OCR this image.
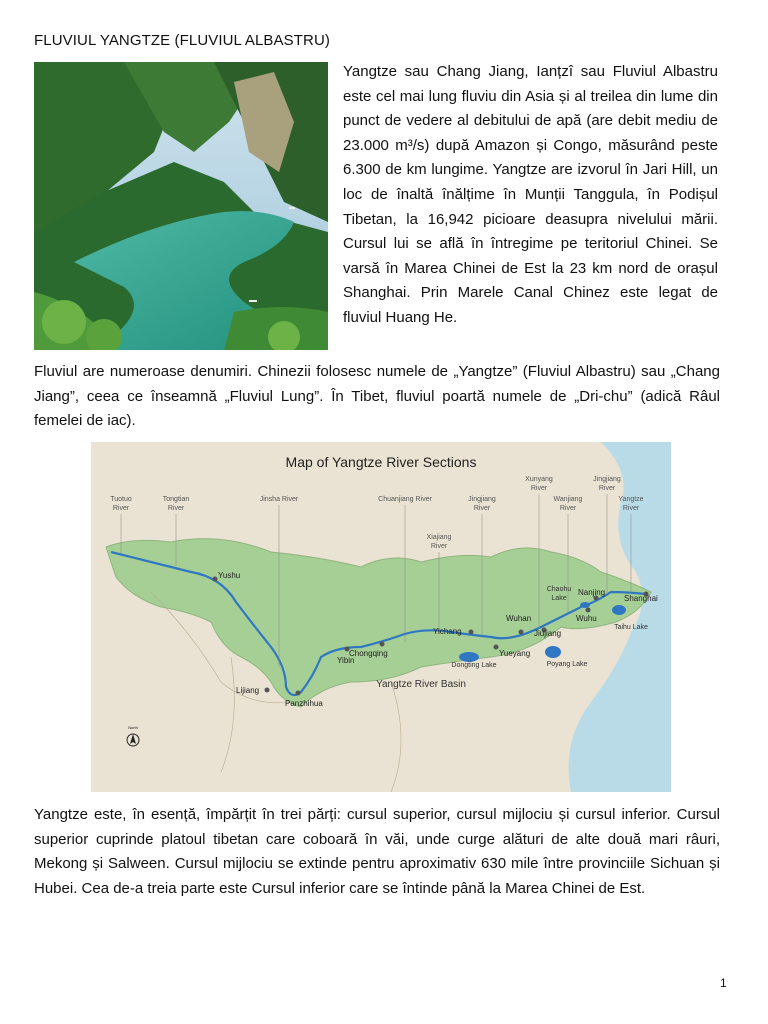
FLUVIUL YANGTZE (FLUVIUL ALBASTRU)

Yangtze sau Chang Jiang, Ianțzî sau Fluviul Albastru este cel mai lung fluviu din Asia și al treilea din lume din punct de vedere al debitului de apă (are debit mediu de 23.000 m³/s) după Amazon și Congo, măsurând peste 6.300 de km lungime. Yangtze are izvorul în Jari Hill, un loc de înaltă înălțime în Munții Tanggula, în Podișul Tibetan, la 16,942 picioare deasupra nivelului mării. Cursul lui se află în întregime pe teritoriul Chinei. Se varsă în Marea Chinei de Est la 23 km nord de orașul Shanghai. Prin Marele Canal Chinez este legat de fluviul Huang He.

Fluviul are numeroase denumiri. Chinezii folosesc numele de „Yangtze” (Fluviul Albastru) sau „Chang Jiang”, ceea ce înseamnă „Fluviul Lung”. În Tibet, fluviul poartă numele de „Dri-chu” (adică Râul femelei de iac).

Map of Yangtze River Sections
Tuotuo
River
Tongtian
River
Jinsha River	Chuanjiang River
Xiajiang
River
Jingjiang
River
Xunyang
River
Wanjiang
River
Jingjiang
River
Yangtze
River
Dongting Lake	Poyang Lake
Chaohu
Lake
Taihu Lake
Yushu
Lijiang
Panzhihua
Yibin
Chongqing
Yichang
Wuhan
Yueyang
Jiujiang
Wuhu
Nanjing
Shanghai
Yangtze River Basin
North

Yangtze este, în esență, împărțit în trei părți: cursul superior, cursul mijlociu și cursul inferior. Cursul superior cuprinde platoul tibetan care coboară în văi, unde curge alături de alte două mari râuri, Mekong și Salween. Cursul mijlociu se extinde pentru aproximativ 630 mile între provinciile Sichuan și Hubei. Cea de-a treia parte este Cursul inferior care se întinde până la Marea Chinei de Est.

1
